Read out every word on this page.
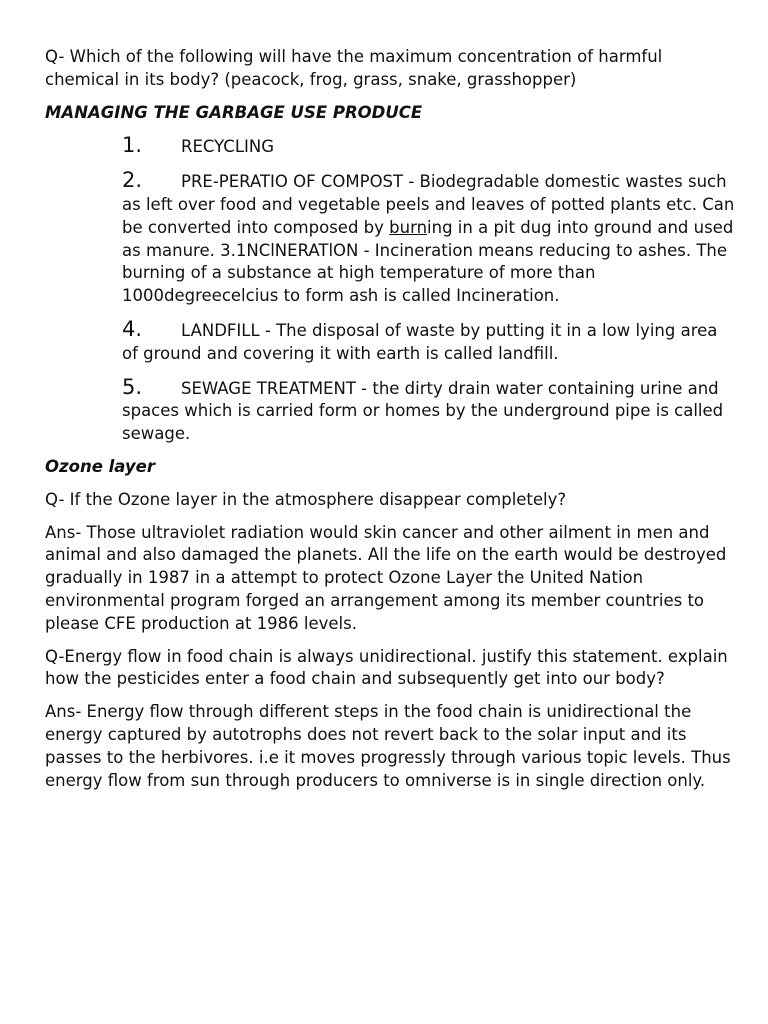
Q- Which of the following will have the maximum concentration of harmful chemical in its body? (peacock, frog, grass, snake, grasshopper)

MANAGING THE GARBAGE USE PRODUCE

1. RECYCLING
2. PRE-PERATIO OF COMPOST - Biodegradable domestic wastes such as left over food and vegetable peels and leaves of potted plants etc. Can be converted into composed by burning in a pit dug into ground and used as manure. 3.1NClNERATlON - Incineration means reducing to ashes. The burning of a substance at high temperature of more than 1000degreecelcius to form ash is called Incineration.
4. LANDFILL - The disposal of waste by putting it in a low lying area of ground and covering it with earth is called landfill.
5. SEWAGE TREATMENT - the dirty drain water containing urine and spaces which is carried form or homes by the underground pipe is called sewage.

Ozone layer

Q- If the Ozone layer in the atmosphere disappear completely?

Ans- Those ultraviolet radiation would skin cancer and other ailment in men and animal and also damaged the planets. All the life on the earth would be destroyed gradually in 1987 in a attempt to protect Ozone Layer the United Nation environmental program forged an arrangement among its member countries to please CFE production at 1986 levels.

Q-Energy flow in food chain is always unidirectional. justify this statement. explain how the pesticides enter a food chain and subsequently get into our body?

Ans- Energy flow through different steps in the food chain is unidirectional the energy captured by autotrophs does not revert back to the solar input and its passes to the herbivores. i.e it moves progressly through various topic levels. Thus energy flow from sun through producers to omniverse is in single direction only.
